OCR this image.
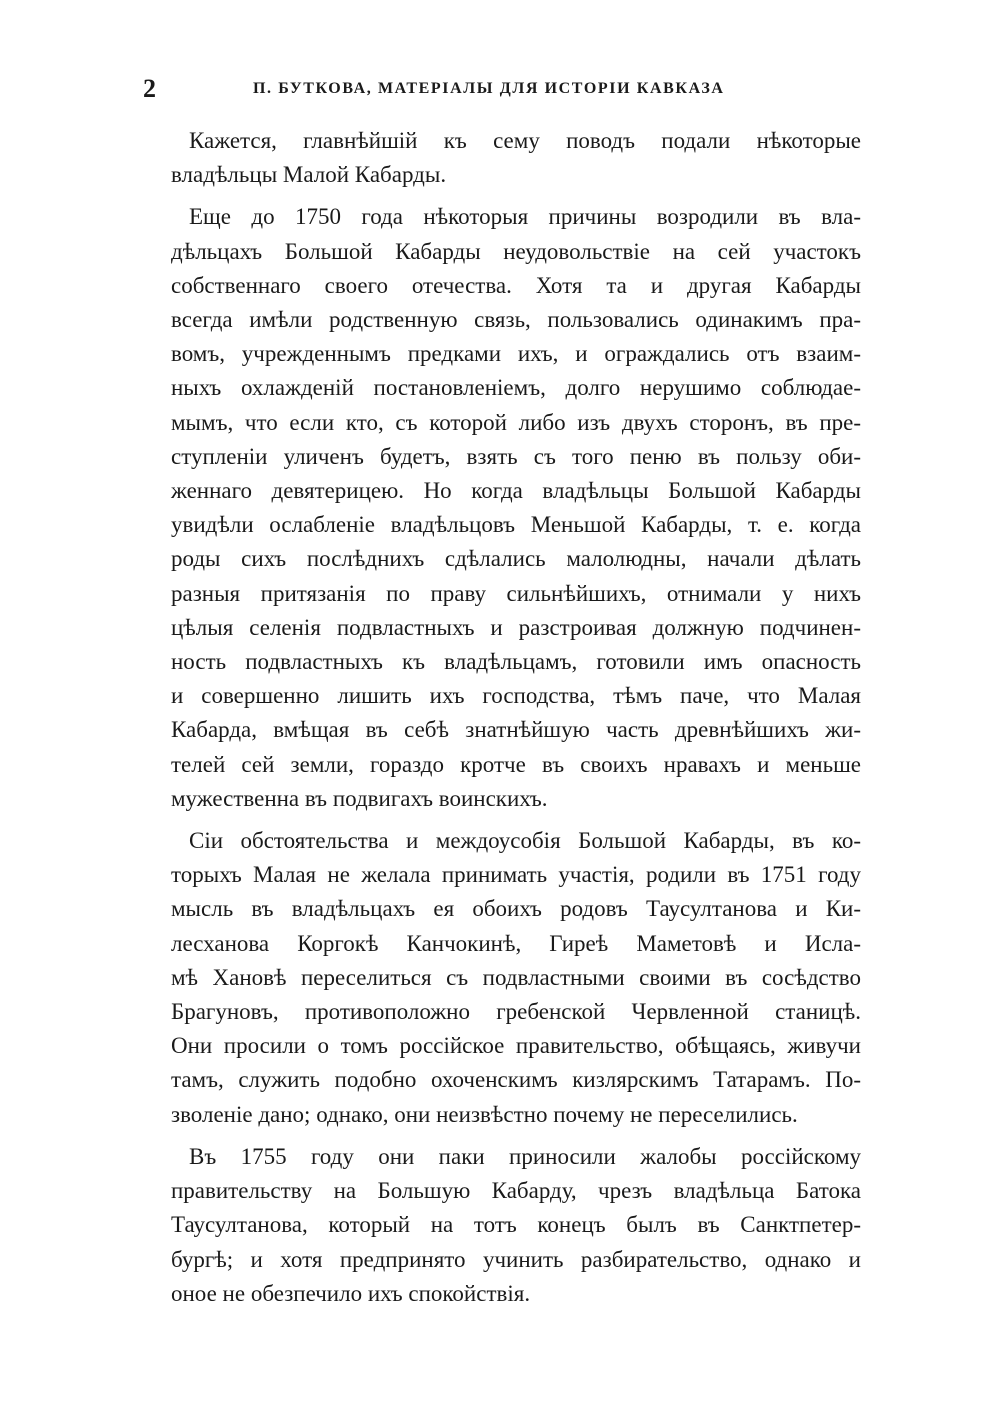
2	П. БУТКОВА, МАТЕРІАЛЫ ДЛЯ ИСТОРІИ КАВКАЗА
Кажется, главнѣйшій къ сему поводъ подали нѣкоторые
владѣльцы Малой Кабарды.
Еще до 1750 года нѣкоторыя причины возродили въ вла-
дѣльцахъ Большой Кабарды неудовольствіе на сей участокъ
собственнаго своего отечества. Хотя та и другая Кабарды
всегда имѣли родственную связь, пользовались одинакимъ пра-
вомъ, учрежденнымъ предками ихъ, и ограждались отъ взаим-
ныхъ охлажденій постановленіемъ, долго нерушимо соблюдае-
мымъ, что если кто, съ которой либо изъ двухъ сторонъ, въ пре-
ступленіи уличенъ будетъ, взять съ того пеню въ пользу оби-
женнаго девятерицею. Но когда владѣльцы Большой Кабарды
увидѣли ослабленіе владѣльцовъ Меньшой Кабарды, т. е. когда
роды сихъ послѣднихъ сдѣлались малолюдны, начали дѣлать
разныя притязанія по праву сильнѣйшихъ, отнимали у нихъ
цѣлыя селенія подвластныхъ и разстроивая должную подчинен-
ность подвластныхъ къ владѣльцамъ, готовили имъ опасность
и совершенно лишить ихъ господства, тѣмъ паче, что Малая
Кабарда, вмѣщая въ себѣ знатнѣйшую часть древнѣйшихъ жи-
телей сей земли, гораздо кротче въ своихъ нравахъ и меньше
мужественна въ подвигахъ воинскихъ.
Сіи обстоятельства и междоусобія Большой Кабарды, въ ко-
торыхъ Малая не желала принимать участія, родили въ 1751 году
мысль въ владѣльцахъ ея обоихъ родовъ Таусултанова и Ки-
лесханова Коргокѣ Канчокинѣ, Гиреѣ Маметовѣ и Исла-
мѣ Хановѣ переселиться съ подвластными своими въ сосѣдство
Брагуновъ, противоположно гребенской Червленной станицѣ.
Они просили о томъ россійское правительство, обѣщаясь, живучи
тамъ, служить подобно охоченскимъ кизлярскимъ Татарамъ. По-
зволеніе дано; однако, они неизвѣстно почему не переселились.
Въ 1755 году они паки приносили жалобы россійскому
правительству на Большую Кабарду, чрезъ владѣльца Батока
Таусултанова, который на тотъ конецъ былъ въ Санктпетер-
бургѣ; и хотя предпринято учинить разбирательство, однако и
оное не обезпечило ихъ спокойствія.
